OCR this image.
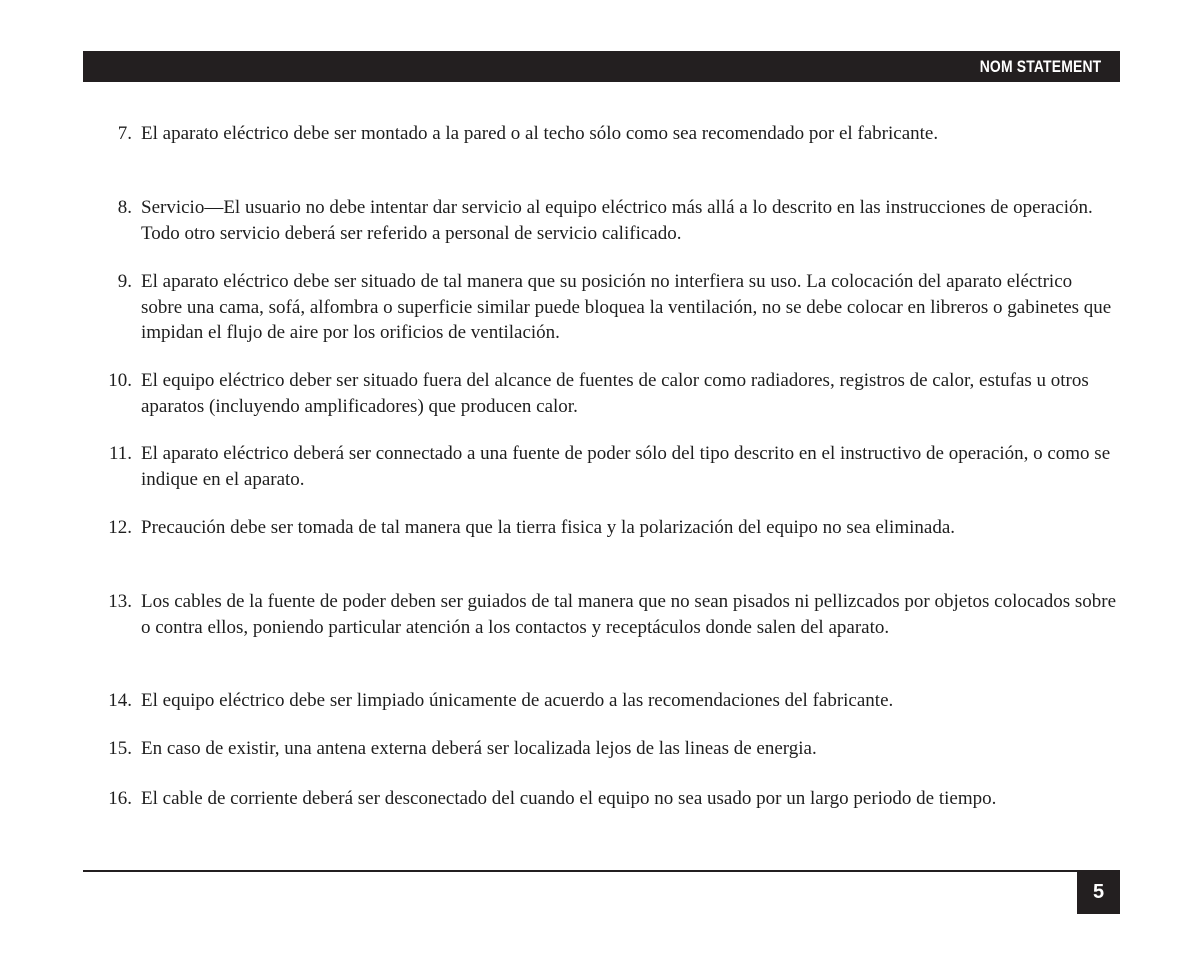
NOM STATEMENT
7. El aparato eléctrico debe ser montado a la pared o al techo sólo como sea recomendado por el fabricante.
8. Servicio—El usuario no debe intentar dar servicio al equipo eléctrico más allá a lo descrito en las instrucciones de operación. Todo otro servicio deberá ser referido a personal de servicio calificado.
9. El aparato eléctrico debe ser situado de tal manera que su posición no interfiera su uso. La colocación del aparato eléctrico sobre una cama, sofá, alfombra o superficie similar puede bloquea la ventilación, no se debe colocar en libreros o gabinetes que impidan el flujo de aire por los orificios de ventilación.
10. El equipo eléctrico deber ser situado fuera del alcance de fuentes de calor como radiadores, registros de calor, estufas u otros aparatos (incluyendo amplificadores) que producen calor.
11. El aparato eléctrico deberá ser connectado a una fuente de poder sólo del tipo descrito en el instructivo de operación, o como se indique en el aparato.
12. Precaución debe ser tomada de tal manera que la tierra fisica y la polarización del equipo no sea eliminada.
13. Los cables de la fuente de poder deben ser guiados de tal manera que no sean pisados ni pellizcados por objetos colocados sobre o contra ellos, poniendo particular atención a los contactos y receptáculos donde salen del aparato.
14. El equipo eléctrico debe ser limpiado únicamente de acuerdo a las recomendaciones del fabricante.
15. En caso de existir, una antena externa deberá ser localizada lejos de las lineas de energia.
16. El cable de corriente deberá ser desconectado del cuando el equipo no sea usado por un largo periodo de tiempo.
5
